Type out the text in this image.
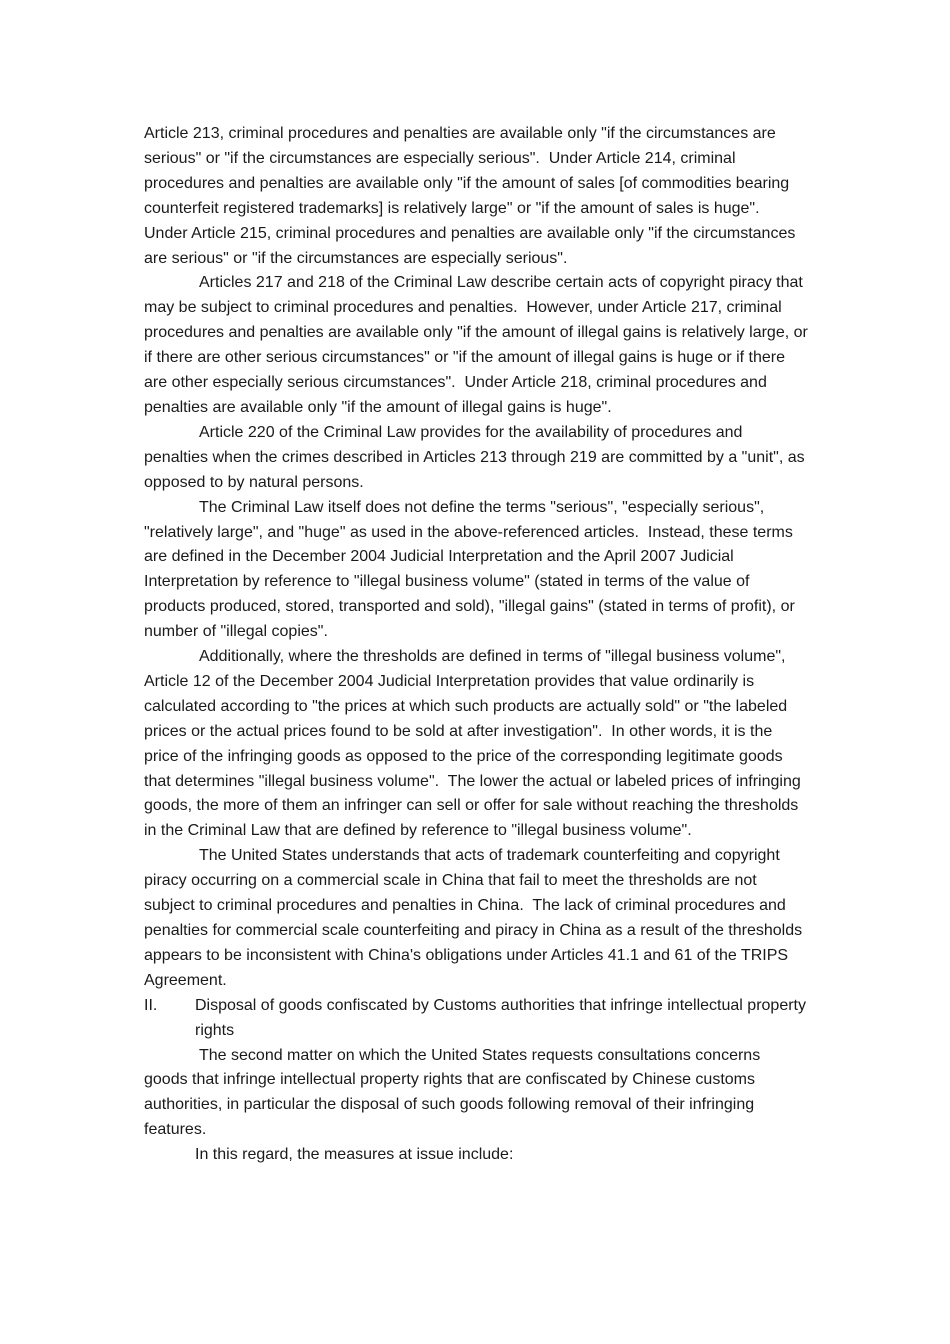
Article 213, criminal procedures and penalties are available only "if the circumstances are serious" or "if the circumstances are especially serious".  Under Article 214, criminal procedures and penalties are available only "if the amount of sales [of commodities bearing counterfeit registered trademarks] is relatively large" or "if the amount of sales is huge".  Under Article 215, criminal procedures and penalties are available only "if the circumstances are serious" or "if the circumstances are especially serious".

Articles 217 and 218 of the Criminal Law describe certain acts of copyright piracy that may be subject to criminal procedures and penalties.  However, under Article 217, criminal procedures and penalties are available only "if the amount of illegal gains is relatively large, or if there are other serious circumstances" or "if the amount of illegal gains is huge or if there are other especially serious circumstances".  Under Article 218, criminal procedures and penalties are available only "if the amount of illegal gains is huge".

Article 220 of the Criminal Law provides for the availability of procedures and penalties when the crimes described in Articles 213 through 219 are committed by a "unit", as opposed to by natural persons.

The Criminal Law itself does not define the terms "serious", "especially serious", "relatively large", and "huge" as used in the above-referenced articles.  Instead, these terms are defined in the December 2004 Judicial Interpretation and the April 2007 Judicial Interpretation by reference to "illegal business volume" (stated in terms of the value of products produced, stored, transported and sold), "illegal gains" (stated in terms of profit), or number of "illegal copies".

Additionally, where the thresholds are defined in terms of "illegal business volume", Article 12 of the December 2004 Judicial Interpretation provides that value ordinarily is calculated according to "the prices at which such products are actually sold" or "the labeled prices or the actual prices found to be sold at after investigation".  In other words, it is the price of the infringing goods as opposed to the price of the corresponding legitimate goods that determines "illegal business volume".  The lower the actual or labeled prices of infringing goods, the more of them an infringer can sell or offer for sale without reaching the thresholds in the Criminal Law that are defined by reference to "illegal business volume".

The United States understands that acts of trademark counterfeiting and copyright piracy occurring on a commercial scale in China that fail to meet the thresholds are not subject to criminal procedures and penalties in China.  The lack of criminal procedures and penalties for commercial scale counterfeiting and piracy in China as a result of the thresholds appears to be inconsistent with China's obligations under Articles 41.1 and 61 of the TRIPS Agreement.

II.	Disposal of goods confiscated by Customs authorities that infringe intellectual property rights

The second matter on which the United States requests consultations concerns goods that infringe intellectual property rights that are confiscated by Chinese customs authorities, in particular the disposal of such goods following removal of their infringing features.

In this regard, the measures at issue include:
